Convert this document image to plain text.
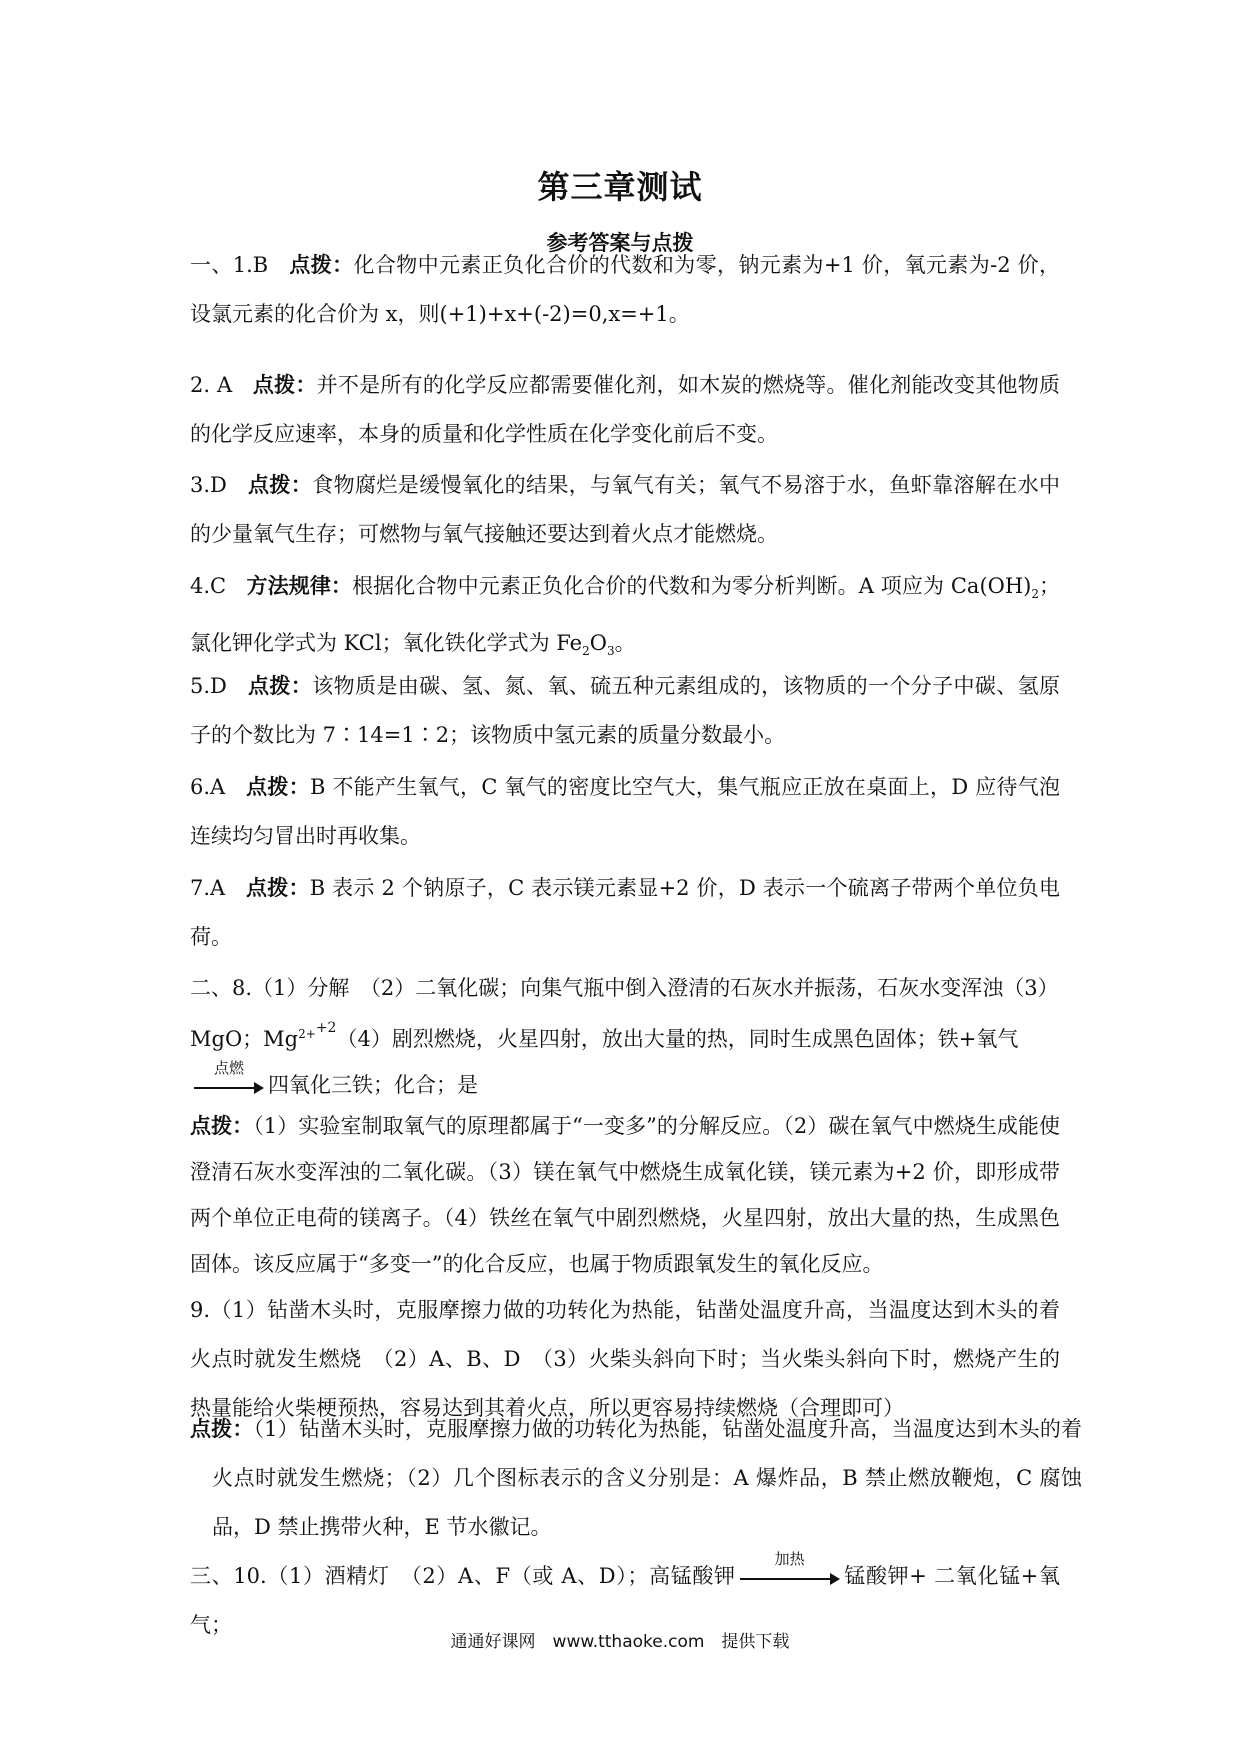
第三章测试
参考答案与点拨
一、1.B 点拨：化合物中元素正负化合价的代数和为零，钠元素为+1 价，氧元素为-2 价，设氯元素的化合价为 x，则(+1)+x+(-2)=0,x=+1。
2. A 点拨：并不是所有的化学反应都需要催化剂，如木炭的燃烧等。催化剂能改变其他物质的化学反应速率，本身的质量和化学性质在化学变化前后不变。
3.D 点拨：食物腐烂是缓慢氧化的结果，与氧气有关；氧气不易溶于水，鱼虾靠溶解在水中的少量氧气生存；可燃物与氧气接触还要达到着火点才能燃烧。
4.C 方法规律：根据化合物中元素正负化合价的代数和为零分析判断。A 项应为 $Ca(OH)_2$；氯化钾化学式为 KCl；氧化铁化学式为 $Fe_2O_3$。
5.D 点拨：该物质是由碳、氢、氮、氧、硫五种元素组成的，该物质的一个分子中碳、氢原子的个数比为 7∶14=1∶2；该物质中氢元素的质量分数最小。
6.A 点拨：B 不能产生氧气，C 氧气的密度比空气大，集气瓶应正放在桌面上，D 应待气泡连续均匀冒出时再收集。
7.A 点拨：B 表示 2 个钠原子，C 表示镁元素显+2 价，D 表示一个硫离子带两个单位负电荷。
二、8.（1）分解　（2）二氧化碳；向集气瓶中倒入澄清的石灰水并振荡，石灰水变浑浊（3）
MgO；$Mg^{2++2}(4)$剧烈燃烧，火星四射，放出大量的热，同时生成黑色固体；铁+氧气

点燃
四氧化三铁；化合；是
点拨：（1）实验室制取氧气的原理都属于“一变多”的分解反应。（2）碳在氧气中燃烧生成能使澄清石灰水变浑浊的二氧化碳。（3）镁在氧气中燃烧生成氧化镁，镁元素为+2 价，即形成带两个单位正电荷的镁离子。（4）铁丝在氧气中剧烈燃烧，火星四射，放出大量的热，生成黑色固体。该反应属于“多变一”的化合反应，也属于物质跟氧发生的氧化反应。
9.（1）钻凿木头时，克服摩擦力做的功转化为热能，钻凿处温度升高，当温度达到木头的着火点时就发生燃烧　（2）A、B、D　（3）火柴头斜向下时；当火柴头斜向下时，燃烧产生的热量能给火柴梗预热，容易达到其着火点，所以更容易持续燃烧（合理即可）
点拨：（1）钻凿木头时，克服摩擦力做的功转化为热能，钻凿处温度升高，当温度达到木头的着火点时就发生燃烧；（2）几个图标表示的含义分别是：A 爆炸品，B 禁止燃放鞭炮，C 腐蚀品，D 禁止携带火种，E 节水徽记。
三、10.（1）酒精灯　（2）A、F（或 A、D）；高锰酸钾
加热
锰酸钾+ 二氧化锰+氧气；
通通好课网　www.tthaoke.com　提供下载
